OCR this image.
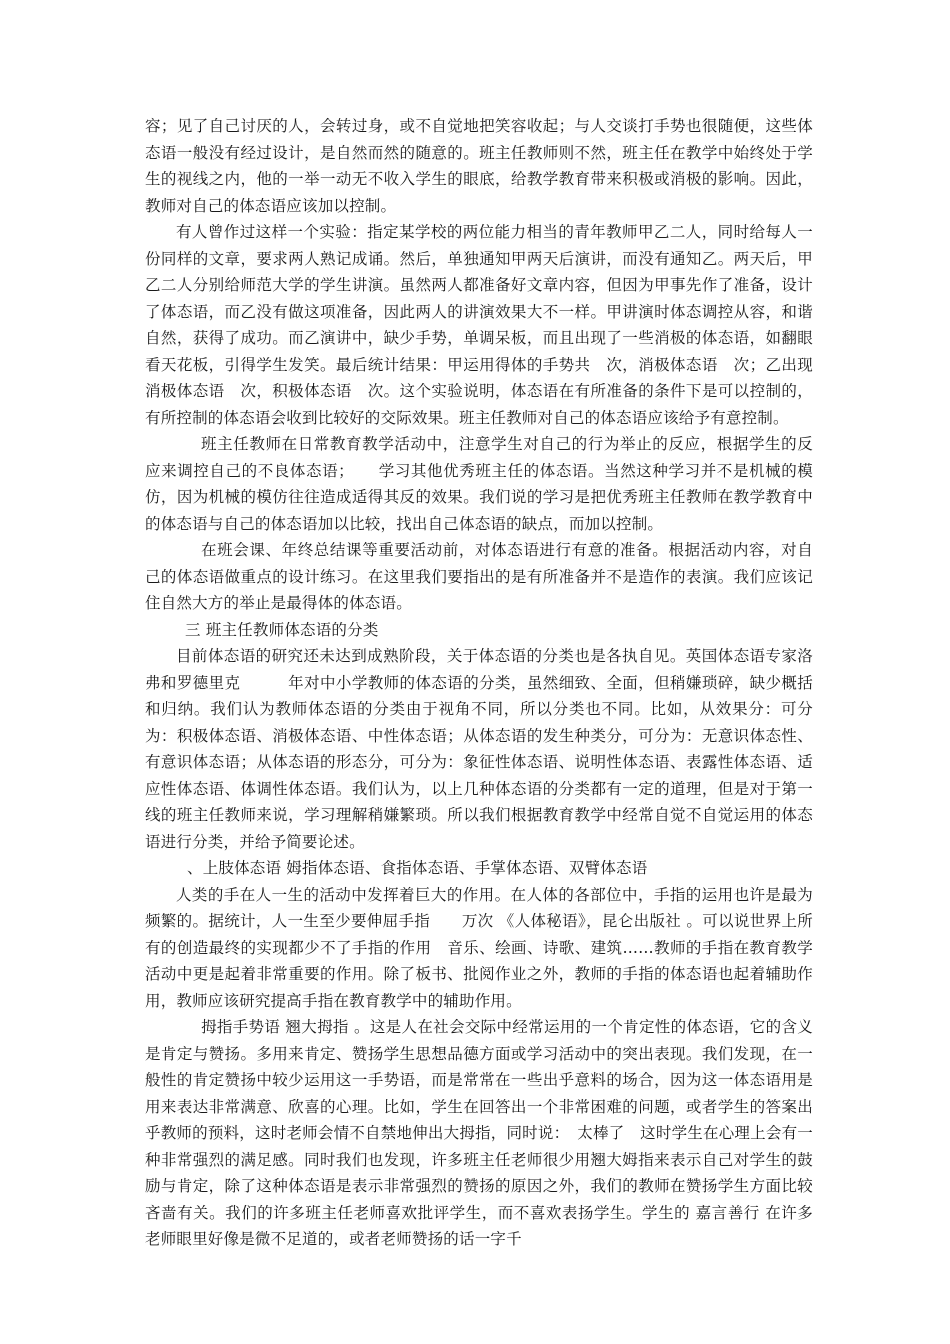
容；见了自己讨厌的人，会转过身，或不自觉地把笑容收起；与人交谈打手势也很随便，这些体态语一般没有经过设计，是自然而然的随意的。班主任教师则不然，班主任在教学中始终处于学生的视线之内，他的一举一动无不收入学生的眼底，给教学教育带来积极或消极的影响。因此，教师对自己的体态语应该加以控制。

有人曾作过这样一个实验：指定某学校的两位能力相当的青年教师甲乙二人，同时给每人一份同样的文章，要求两人熟记成诵。然后，单独通知甲两天后演讲，而没有通知乙。两天后，甲乙二人分别给师范大学的学生讲演。虽然两人都准备好文章内容，但因为甲事先作了准备，设计了体态语，而乙没有做这项准备，因此两人的讲演效果大不一样。甲讲演时体态调控从容，和谐自然，获得了成功。而乙演讲中，缺少手势，单调呆板，而且出现了一些消极的体态语，如翻眼看天花板，引得学生发笑。最后统计结果：甲运用得体的手势共　次，消极体态语　次；乙出现消极体态语　次，积极体态语　次。这个实验说明，体态语在有所准备的条件下是可以控制的，有所控制的体态语会收到比较好的交际效果。班主任教师对自己的体态语应该给予有意控制。

班主任教师在日常教育教学活动中，注意学生对自己的行为举止的反应，根据学生的反应来调控自己的不良体态语；　　学习其他优秀班主任的体态语。当然这种学习并不是机械的模仿，因为机械的模仿往往造成适得其反的效果。我们说的学习是把优秀班主任教师在教学教育中的体态语与自己的体态语加以比较，找出自己体态语的缺点，而加以控制。

在班会课、年终总结课等重要活动前，对体态语进行有意的准备。根据活动内容，对自己的体态语做重点的设计练习。在这里我们要指出的是有所准备并不是造作的表演。我们应该记住自然大方的举止是最得体的体态语。

三 班主任教师体态语的分类

目前体态语的研究还未达到成熟阶段，关于体态语的分类也是各执自见。英国体态语专家洛弗和罗德里克　　　年对中小学教师的体态语的分类，虽然细致、全面，但稍嫌琐碎，缺少概括和归纳。我们认为教师体态语的分类由于视角不同，所以分类也不同。比如，从效果分：可分为：积极体态语、消极体态语、中性体态语；从体态语的发生种类分，可分为：无意识体态性、有意识体态语；从体态语的形态分，可分为：象征性体态语、说明性体态语、表露性体态语、适应性体态语、体调性体态语。我们认为，以上几种体态语的分类都有一定的道理，但是对于第一线的班主任教师来说，学习理解稍嫌繁琐。所以我们根据教育教学中经常自觉不自觉运用的体态语进行分类，并给予简要论述。

、上肢体态语 姆指体态语、食指体态语、手掌体态语、双臂体态语

人类的手在人一生的活动中发挥着巨大的作用。在人体的各部位中，手指的运用也许是最为频繁的。据统计，人一生至少要伸屈手指　　万次 《人体秘语》，昆仑出版社 。可以说世界上所有的创造最终的实现都少不了手指的作用　音乐、绘画、诗歌、建筑……教师的手指在教育教学活动中更是起着非常重要的作用。除了板书、批阅作业之外，教师的手指的体态语也起着辅助作用，教师应该研究提高手指在教育教学中的辅助作用。

拇指手势语 翘大拇指 。这是人在社会交际中经常运用的一个肯定性的体态语，它的含义是肯定与赞扬。多用来肯定、赞扬学生思想品德方面或学习活动中的突出表现。我们发现，在一般性的肯定赞扬中较少运用这一手势语，而是常常在一些出乎意料的场合，因为这一体态语用是用来表达非常满意、欣喜的心理。比如，学生在回答出一个非常困难的问题，或者学生的答案出乎教师的预料，这时老师会情不自禁地伸出大拇指，同时说：　太棒了　这时学生在心理上会有一种非常强烈的满足感。同时我们也发现，许多班主任老师很少用翘大姆指来表示自己对学生的鼓励与肯定，除了这种体态语是表示非常强烈的赞扬的原因之外，我们的教师在赞扬学生方面比较吝啬有关。我们的许多班主任老师喜欢批评学生，而不喜欢表扬学生。学生的 嘉言善行 在许多老师眼里好像是微不足道的，或者老师赞扬的话一字千
